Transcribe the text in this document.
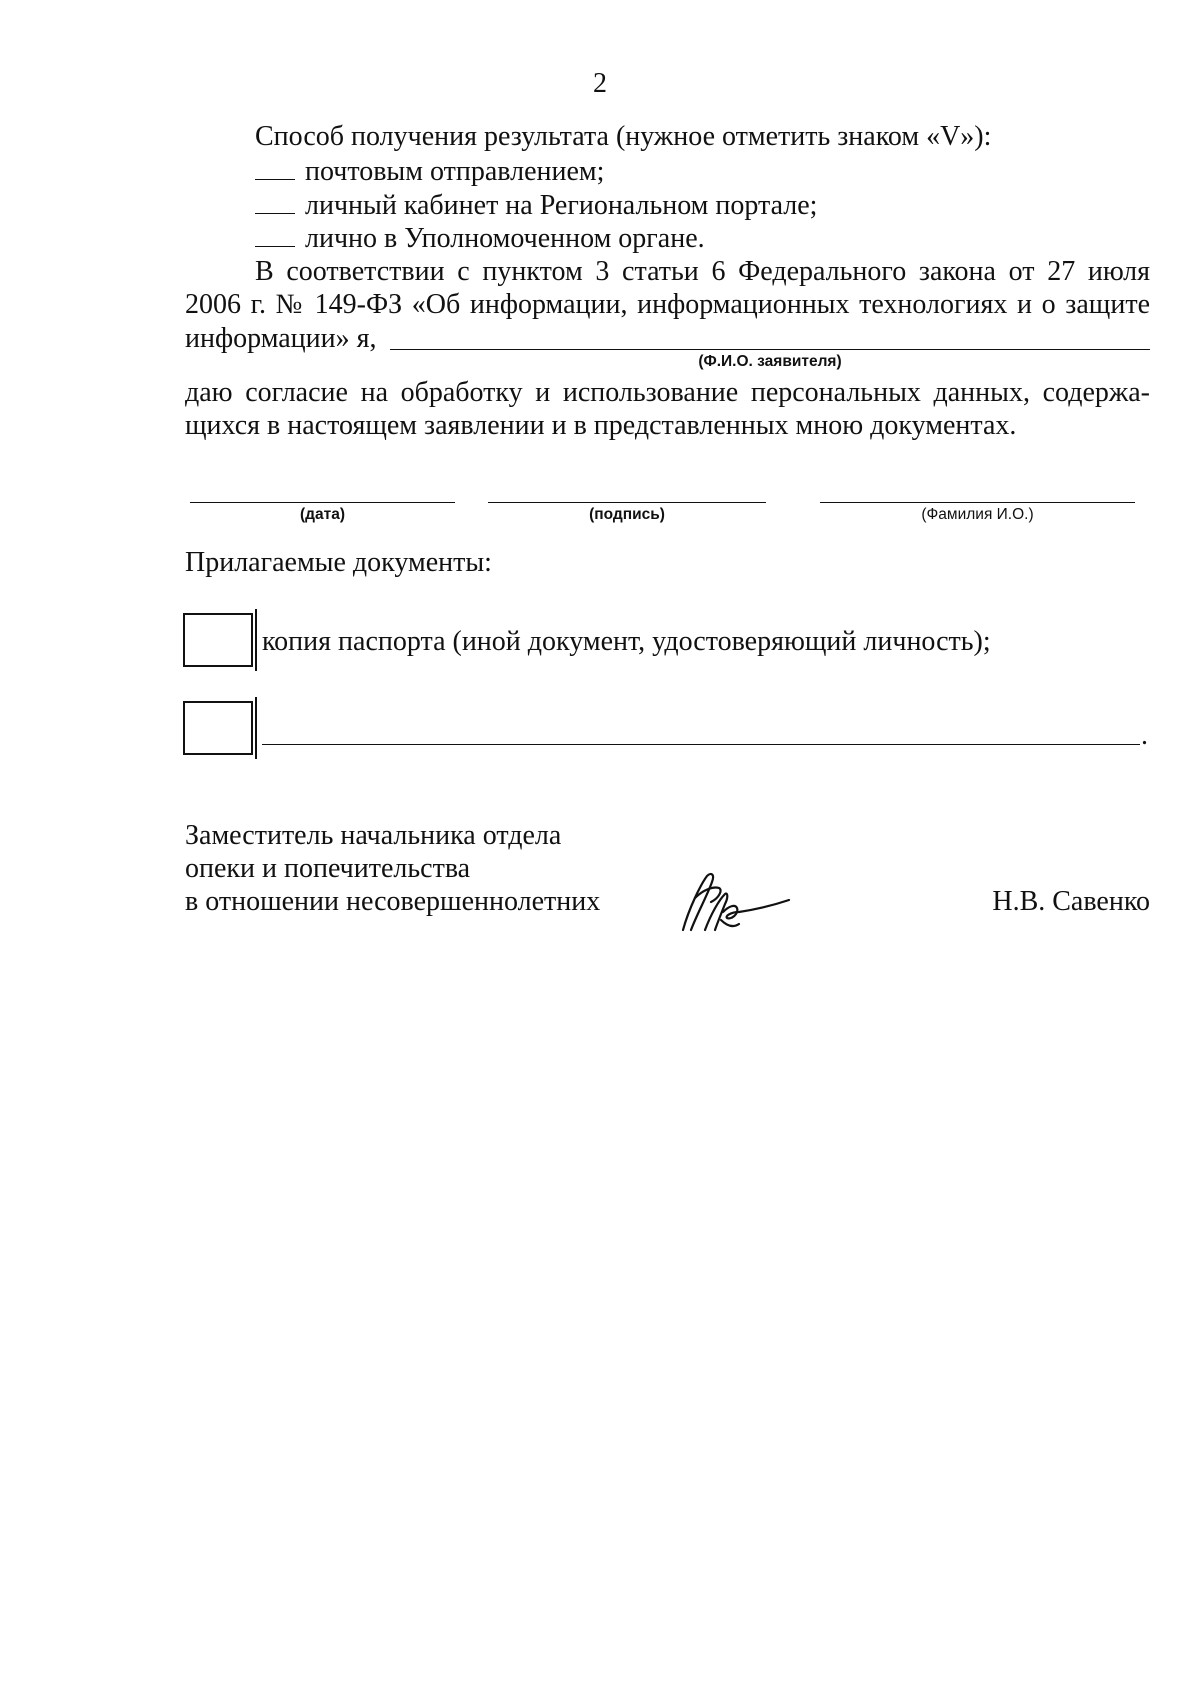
2
Способ получения результата (нужное отметить знаком «V»):
почтовым отправлением;
личный кабинет на Региональном портале;
лично в Уполномоченном органе.
В соответствии с пунктом 3 статьи 6 Федерального закона от 27 июля
2006 г. № 149-ФЗ «Об информации, информационных технологиях и о защите
информации» я,
(Ф.И.О. заявителя)
даю согласие на обработку и использование персональных данных, содержа-
щихся в настоящем заявлении и в представленных мною документах.
(дата)	(подпись)	(Фамилия И.О.)
Прилагаемые документы:
копия паспорта (иной документ, удостоверяющий личность);
.
Заместитель начальника отдела
опеки и попечительства
в отношении несовершеннолетних	Н.В. Савенко
